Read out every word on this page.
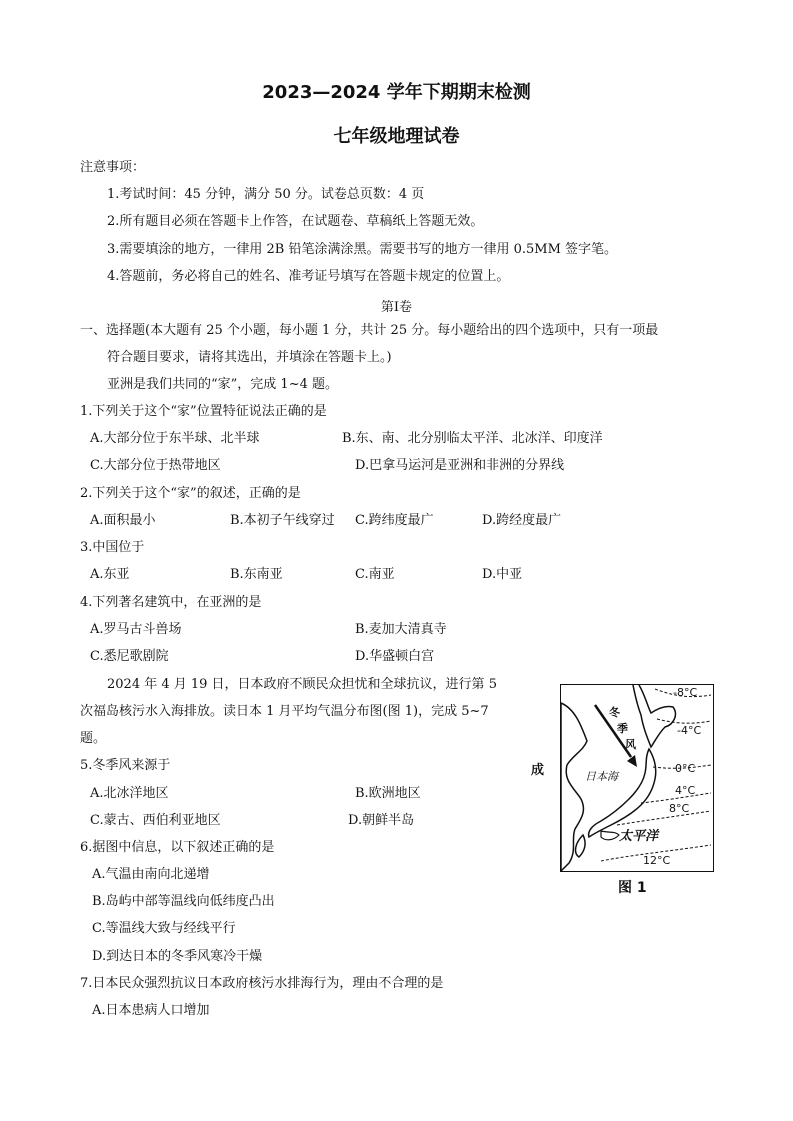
2023—2024 学年下期期末检测
七年级地理试卷
注意事项：
1.考试时间：45 分钟，满分 50 分。试卷总页数：4 页
2.所有题目必须在答题卡上作答，在试题卷、草稿纸上答题无效。
3.需要填涂的地方，一律用 2B 铅笔涂满涂黑。需要书写的地方一律用 0.5MM 签字笔。
4.答题前，务必将自己的姓名、准考证号填写在答题卡规定的位置上。
第Ⅰ卷
一、选择题(本大题有 25 个小题，每小题 1 分，共计 25 分。每小题给出的四个选项中，只有一项最
符合题目要求，请将其选出，并填涂在答题卡上。)
亚洲是我们共同的“家”，完成 1~4 题。
1.下列关于这个“家”位置特征说法正确的是
A.大部分位于东半球、北半球	B.东、南、北分别临太平洋、北冰洋、印度洋
C.大部分位于热带地区	D.巴拿马运河是亚洲和非洲的分界线
2.下列关于这个“家”的叙述，正确的是
A.面积最小	B.本初子午线穿过 C.跨纬度最广	D.跨经度最广
3.中国位于
A.东亚	B.东南亚	C.南亚	D.中亚
4.下列著名建筑中，在亚洲的是
A.罗马古斗兽场	B.麦加大清真寺
C.悉尼歌剧院	D.华盛顿白宫
2024 年 4 月 19 日，日本政府不顾民众担忧和全球抗议，进行第 5
次福岛核污水入海排放。读日本 1 月平均气温分布图(图 1)，完成 5~7
题。
5.冬季风来源于
A.北冰洋地区	B.欧洲地区
C.蒙古、西伯利亚地区	D.朝鲜半岛
6.据图中信息，以下叙述正确的是
A.气温由南向北递增
B.岛屿中部等温线向低纬度凸出
C.等温线大致与经线平行
D.到达日本的冬季风寒冷干燥
7.日本民众强烈抗议日本政府核污水排海行为，理由不合理的是
A.日本患病人口增加
成
冬
季
风
日本海
太平洋
-8°C
-4°C
0°C
4°C
8°C
12°C
图 1
